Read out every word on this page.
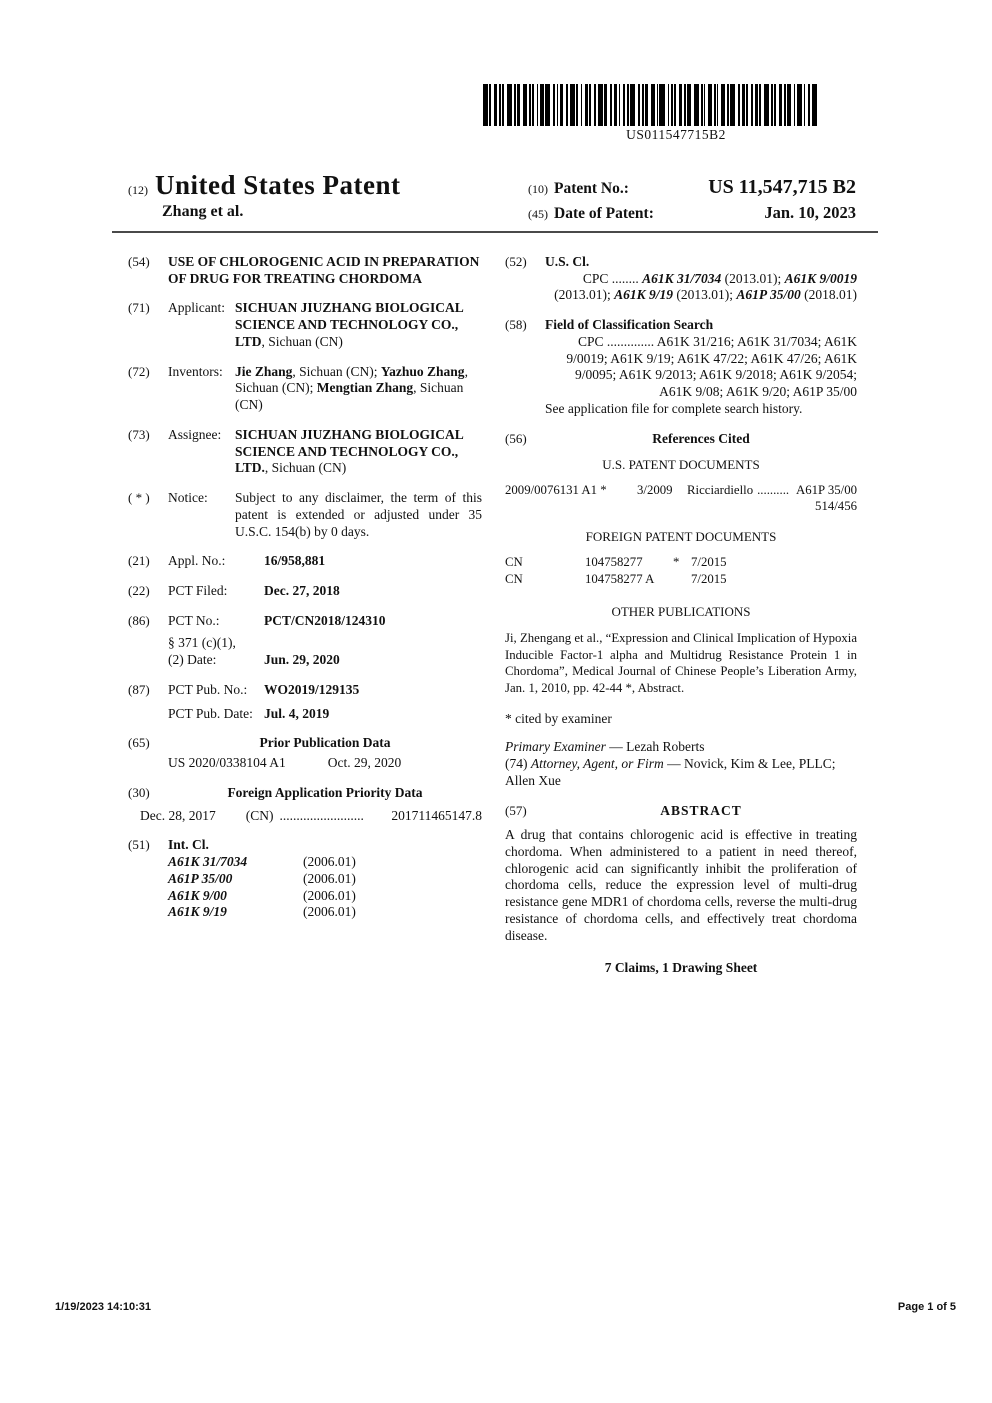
US011547715B2
(12) United States Patent
Zhang et al.
(10) Patent No.:	US 11,547,715 B2
(45) Date of Patent:	Jan. 10, 2023
(54)	USE OF CHLOROGENIC ACID IN PREPARATION OF DRUG FOR TREATING CHORDOMA
(71)	Applicant: SICHUAN JIUZHANG BIOLOGICAL SCIENCE AND TECHNOLOGY CO., LTD, Sichuan (CN)
(72)	Inventors: Jie Zhang, Sichuan (CN); Yazhuo Zhang, Sichuan (CN); Mengtian Zhang, Sichuan (CN)
(73)	Assignee:	SICHUAN JIUZHANG BIOLOGICAL SCIENCE AND TECHNOLOGY CO., LTD., Sichuan (CN)
( * )	Notice:	Subject to any disclaimer, the term of this patent is extended or adjusted under 35 U.S.C. 154(b) by 0 days.
(21)	Appl. No.:	16/958,881
(22)	PCT Filed:	Dec. 27, 2018
(86)	PCT No.:	PCT/CN2018/124310
§ 371 (c)(1),
(2) Date:	Jun. 29, 2020
(87)	PCT Pub. No.:	WO2019/129135
PCT Pub. Date: Jul. 4, 2019
(65)	Prior Publication Data
US 2020/0338104 A1	Oct. 29, 2020
(30)	Foreign Application Priority Data
Dec. 28, 2017 (CN) .........................	201711465147.8
(51)	Int. Cl.
A61K 31/7034	(2006.01)
A61P 35/00	(2006.01)
A61K 9/00	(2006.01)
A61K 9/19	(2006.01)
(52)	U.S. Cl.
CPC ........ A61K 31/7034 (2013.01); A61K 9/0019 (2013.01); A61K 9/19 (2013.01); A61P 35/00 (2018.01)
(58)	Field of Classification Search
CPC .............. A61K 31/216; A61K 31/7034; A61K 9/0019; A61K 9/19; A61K 47/22; A61K 47/26; A61K 9/0095; A61K 9/2013; A61K 9/2018; A61K 9/2054; A61K 9/08; A61K 9/20; A61P 35/00
See application file for complete search history.
(56)	References Cited
U.S. PATENT DOCUMENTS
2009/0076131 A1 *	3/2009	Ricciardiello .......... A61P 35/00
514/456
FOREIGN PATENT DOCUMENTS
CN	104758277	* 7/2015
CN	104758277 A	7/2015
OTHER PUBLICATIONS
Ji, Zhengang et al., “Expression and Clinical Implication of Hypoxia Inducible Factor-1 alpha and Multidrug Resistance Protein 1 in Chordoma”, Medical Journal of Chinese People’s Liberation Army, Jan. 1, 2010, pp. 42-44 *, Abstract.
* cited by examiner
Primary Examiner — Lezah Roberts
(74) Attorney, Agent, or Firm — Novick, Kim & Lee, PLLC; Allen Xue
(57)	ABSTRACT
A drug that contains chlorogenic acid is effective in treating chordoma. When administered to a patient in need thereof, chlorogenic acid can significantly inhibit the proliferation of chordoma cells, reduce the expression level of multi-drug resistance gene MDR1 of chordoma cells, reverse the multi-drug resistance of chordoma cells, and effectively treat chordoma disease.
7 Claims, 1 Drawing Sheet
1/19/2023 14:10:31	Page 1 of 5
